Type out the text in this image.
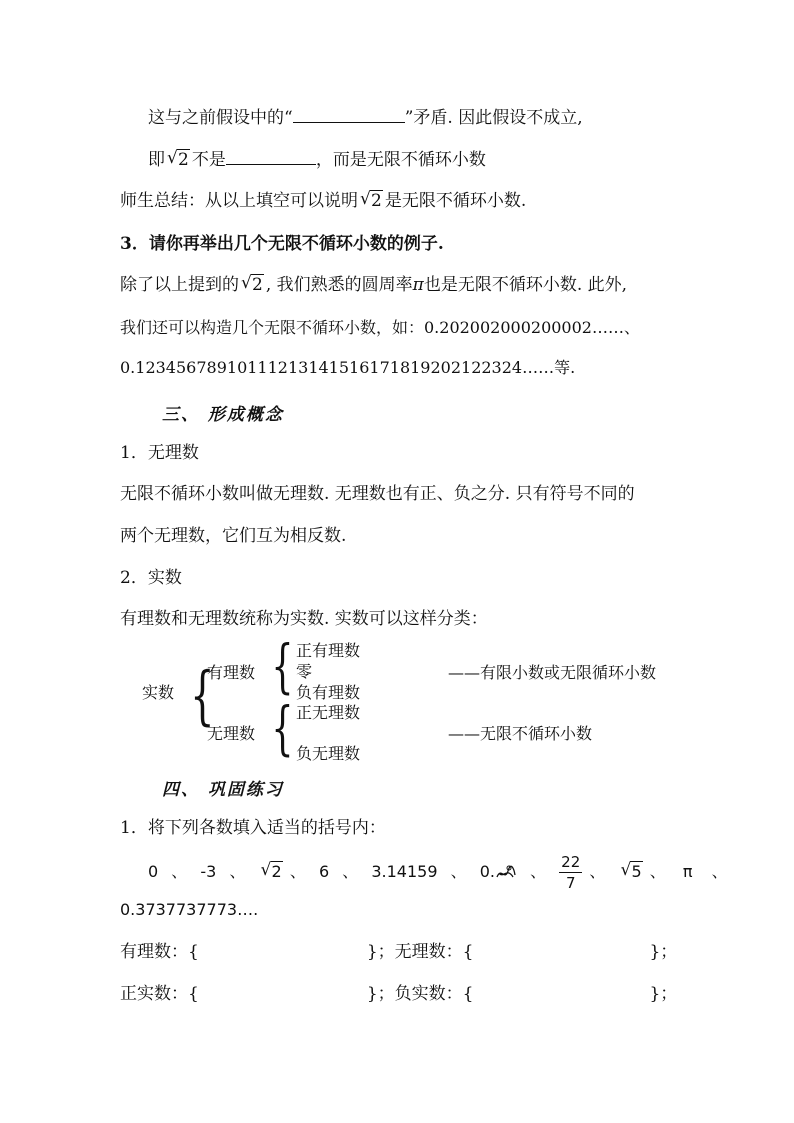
这与之前假设中的“	”矛盾. 因此假设不成立,
即 √ 2 不是	，而是无限不循环小数
师生总结：从以上填空可以说明 √ 2 是无限不循环小数.
3．请你再举出几个无限不循环小数的例子.
除了以上提到的 √ 2 , 我们熟悉的圆周率π也是无限不循环小数. 此外,
我们还可以构造几个无限不循环小数，如：0.202002000200002……、
0.12345678910111213141516171819202122324……等.
三、 形成概念
1．无理数
无限不循环小数叫做无理数. 无理数也有正、负之分. 只有符号不同的
两个无理数，它们互为相反数.
2．实数
有理数和无理数统称为实数. 实数可以这样分类：
实数 {
有理数 { 正有理数
零
负有理数
——有限小数或无限循环小数
无理数 { 正无理数
负无理数
——无限不循环小数
四、 巩固练习
1．将下列各数填入适当的括号内：
0 、 -3 、 √ 2 、 6 、 3.14159 、 0. 、 $\frac{22}{7}$ 、 √ 5 、 π 、
0.3737737773….
有理数：{	}；无理数：{	}；
正实数：{	}；负实数：{	}；
